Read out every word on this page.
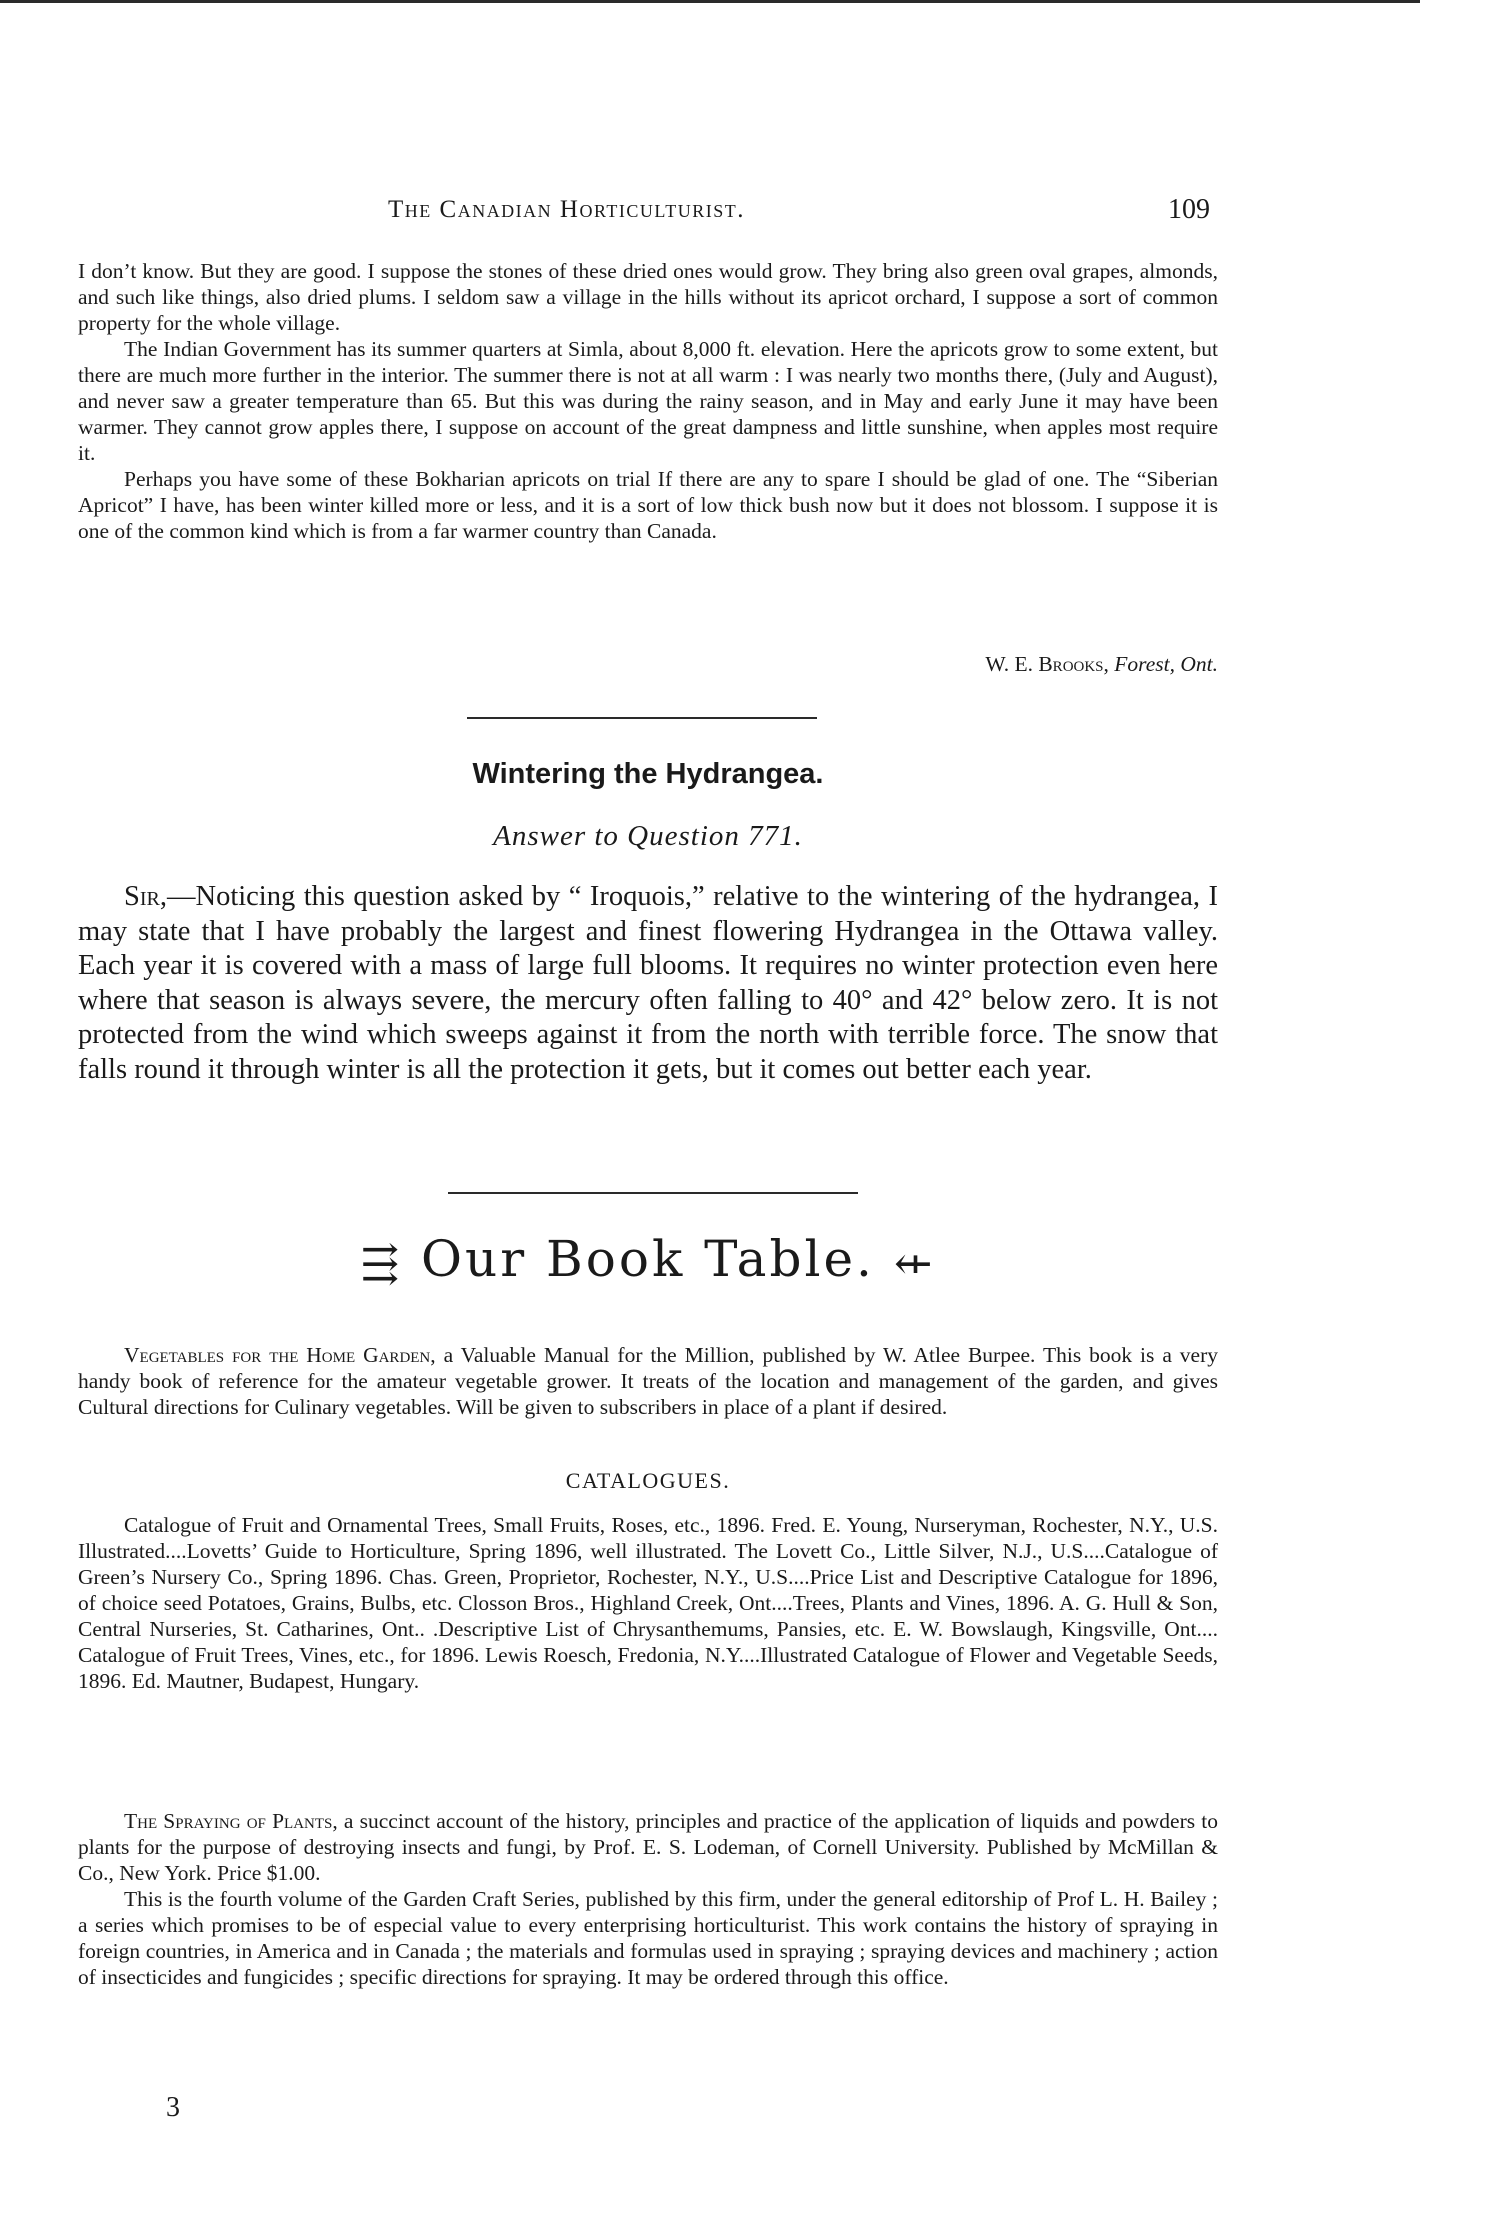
The Canadian Horticulturist.	109

I don’t know. But they are good. I suppose the stones of these dried ones would grow. They bring also green oval grapes, almonds, and such like things, also dried plums. I seldom saw a village in the hills without its apricot orchard, I suppose a sort of common property for the whole village.

The Indian Government has its summer quarters at Simla, about 8,000 ft. elevation. Here the apricots grow to some extent, but there are much more further in the interior. The summer there is not at all warm : I was nearly two months there, (July and August), and never saw a greater temperature than 65. But this was during the rainy season, and in May and early June it may have been warmer. They cannot grow apples there, I suppose on account of the great dampness and little sunshine, when apples most require it.

Perhaps you have some of these Bokharian apricots on trial If there are any to spare I should be glad of one. The “Siberian Apricot” I have, has been winter killed more or less, and it is a sort of low thick bush now but it does not blossom. I suppose it is one of the common kind which is from a far warmer country than Canada.

W. E. Brooks, Forest, Ont.
Wintering the Hydrangea.
Answer to Question 771.

Sir,—Noticing this question asked by “ Iroquois,” relative to the wintering of the hydrangea, I may state that I have probably the largest and finest flowering Hydrangea in the Ottawa valley. Each year it is covered with a mass of large full blooms. It requires no winter protection even here where that season is always severe, the mercury often falling to 40° and 42° below zero. It is not protected from the wind which sweeps against it from the north with terrible force. The snow that falls round it through winter is all the protection it gets, but it comes out better each year.

⇶ Our Book Table. ⇷

Vegetables for the Home Garden, a Valuable Manual for the Million, published by W. Atlee Burpee. This book is a very handy book of reference for the amateur vegetable grower. It treats of the location and management of the garden, and gives Cultural directions for Culinary vegetables. Will be given to subscribers in place of a plant if desired.

CATALOGUES.

Catalogue of Fruit and Ornamental Trees, Small Fruits, Roses, etc., 1896. Fred. E. Young, Nurseryman, Rochester, N.Y., U.S. Illustrated....Lovetts’ Guide to Horticulture, Spring 1896, well illustrated. The Lovett Co., Little Silver, N.J., U.S....Catalogue of Green’s Nursery Co., Spring 1896. Chas. Green, Proprietor, Rochester, N.Y., U.S....Price List and Descriptive Catalogue for 1896, of choice seed Potatoes, Grains, Bulbs, etc. Closson Bros., Highland Creek, Ont....Trees, Plants and Vines, 1896. A. G. Hull & Son, Central Nurseries, St. Catharines, Ont.. .Descriptive List of Chrysanthemums, Pansies, etc. E. W. Bowslaugh, Kingsville, Ont.... Catalogue of Fruit Trees, Vines, etc., for 1896. Lewis Roesch, Fredonia, N.Y....Illustrated Catalogue of Flower and Vegetable Seeds, 1896. Ed. Mautner, Budapest, Hungary.

The Spraying of Plants, a succinct account of the history, principles and practice of the application of liquids and powders to plants for the purpose of destroying insects and fungi, by Prof. E. S. Lodeman, of Cornell University. Published by McMillan & Co., New York. Price $1.00.

This is the fourth volume of the Garden Craft Series, published by this firm, under the general editorship of Prof L. H. Bailey ; a series which promises to be of especial value to every enterprising horticulturist. This work contains the history of spraying in foreign countries, in America and in Canada ; the materials and formulas used in spraying ; spraying devices and machinery ; action of insecticides and fungicides ; specific directions for spraying. It may be ordered through this office.

3
